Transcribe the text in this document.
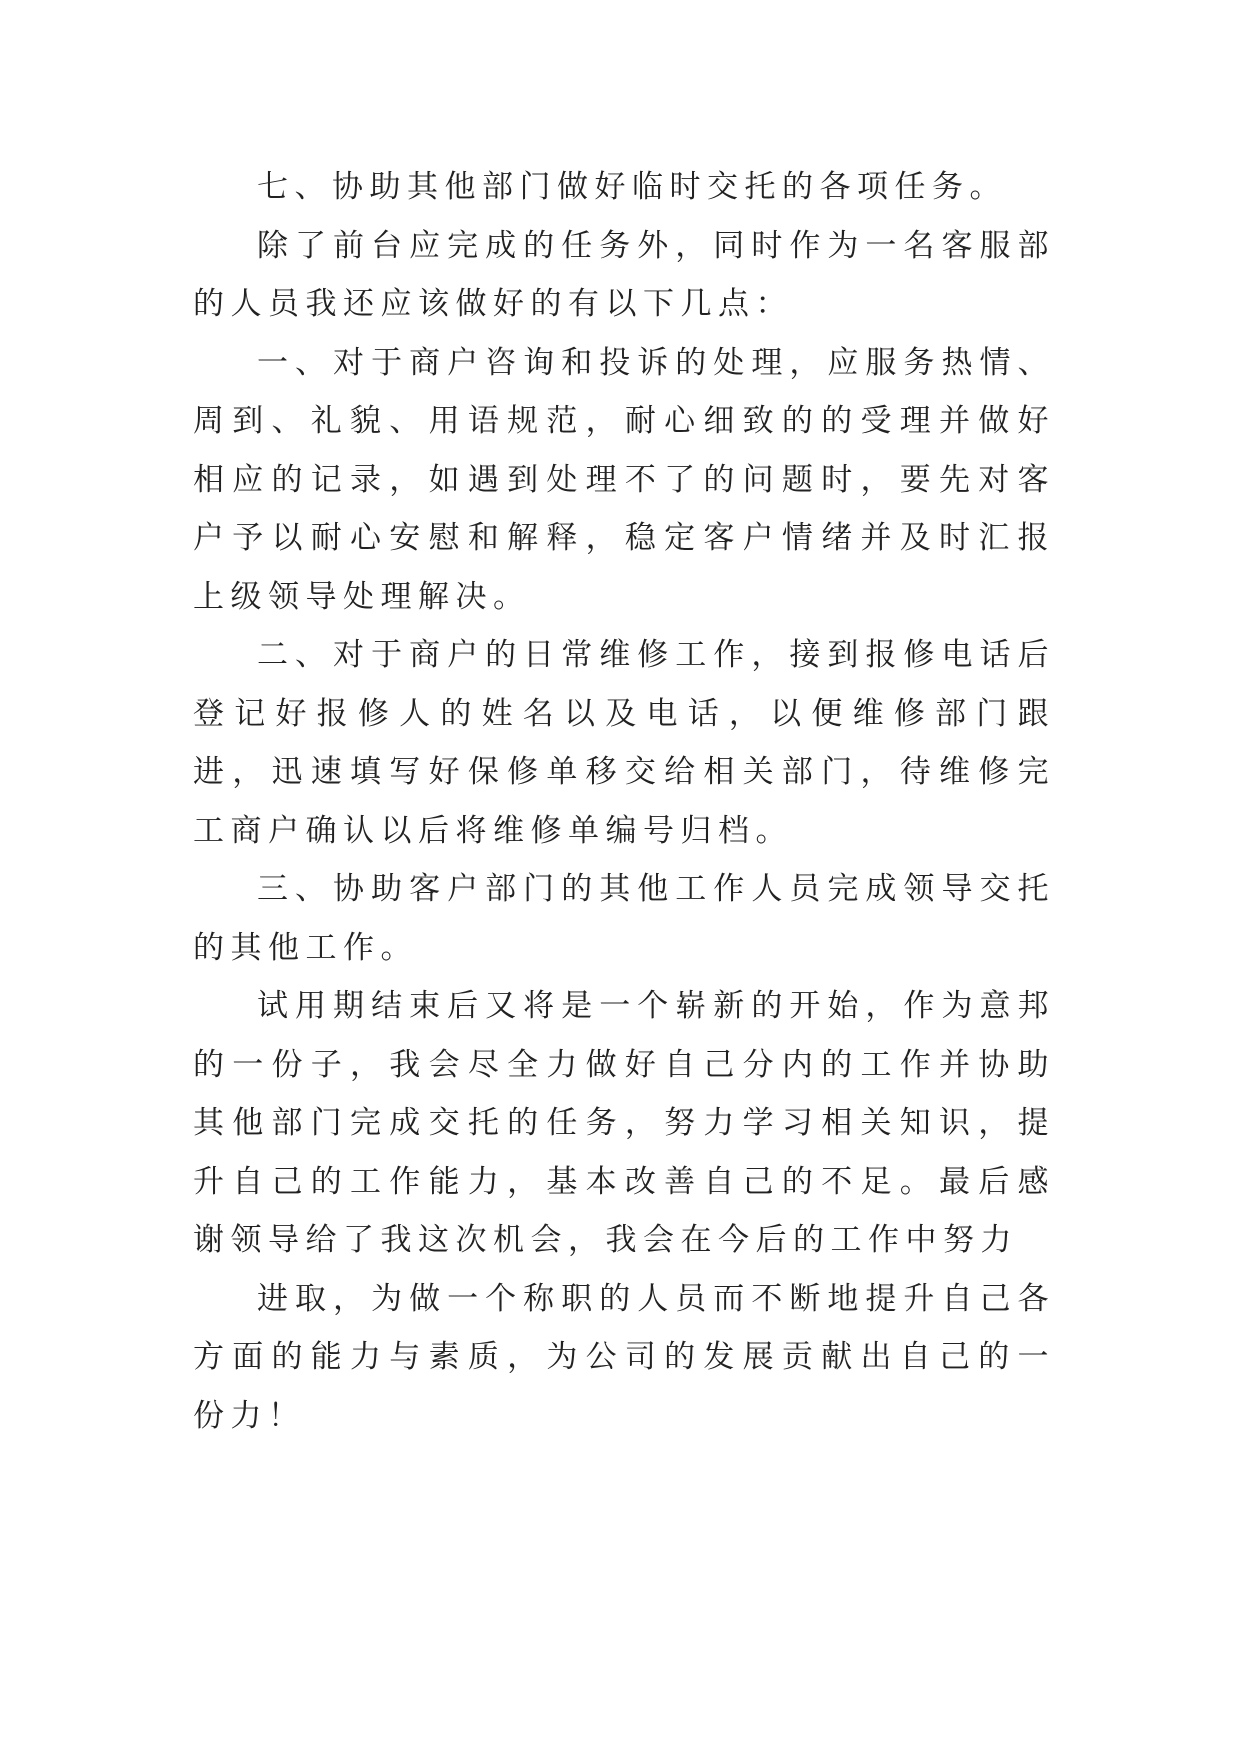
七、协助其他部门做好临时交托的各项任务。

除了前台应完成的任务外，同时作为一名客服部的人员我还应该做好的有以下几点：

一、对于商户咨询和投诉的处理，应服务热情、周到、礼貌、用语规范，耐心细致的的受理并做好相应的记录，如遇到处理不了的问题时，要先对客户予以耐心安慰和解释，稳定客户情绪并及时汇报上级领导处理解决。

二、对于商户的日常维修工作，接到报修电话后登记好报修人的姓名以及电话，以便维修部门跟进，迅速填写好保修单移交给相关部门，待维修完工商户确认以后将维修单编号归档。

三、协助客户部门的其他工作人员完成领导交托的其他工作。

试用期结束后又将是一个崭新的开始，作为意邦的一份子，我会尽全力做好自己分内的工作并协助其他部门完成交托的任务，努力学习相关知识，提升自己的工作能力，基本改善自己的不足。最后感谢领导给了我这次机会，我会在今后的工作中努力

进取，为做一个称职的人员而不断地提升自己各方面的能力与素质，为公司的发展贡献出自己的一份力！
